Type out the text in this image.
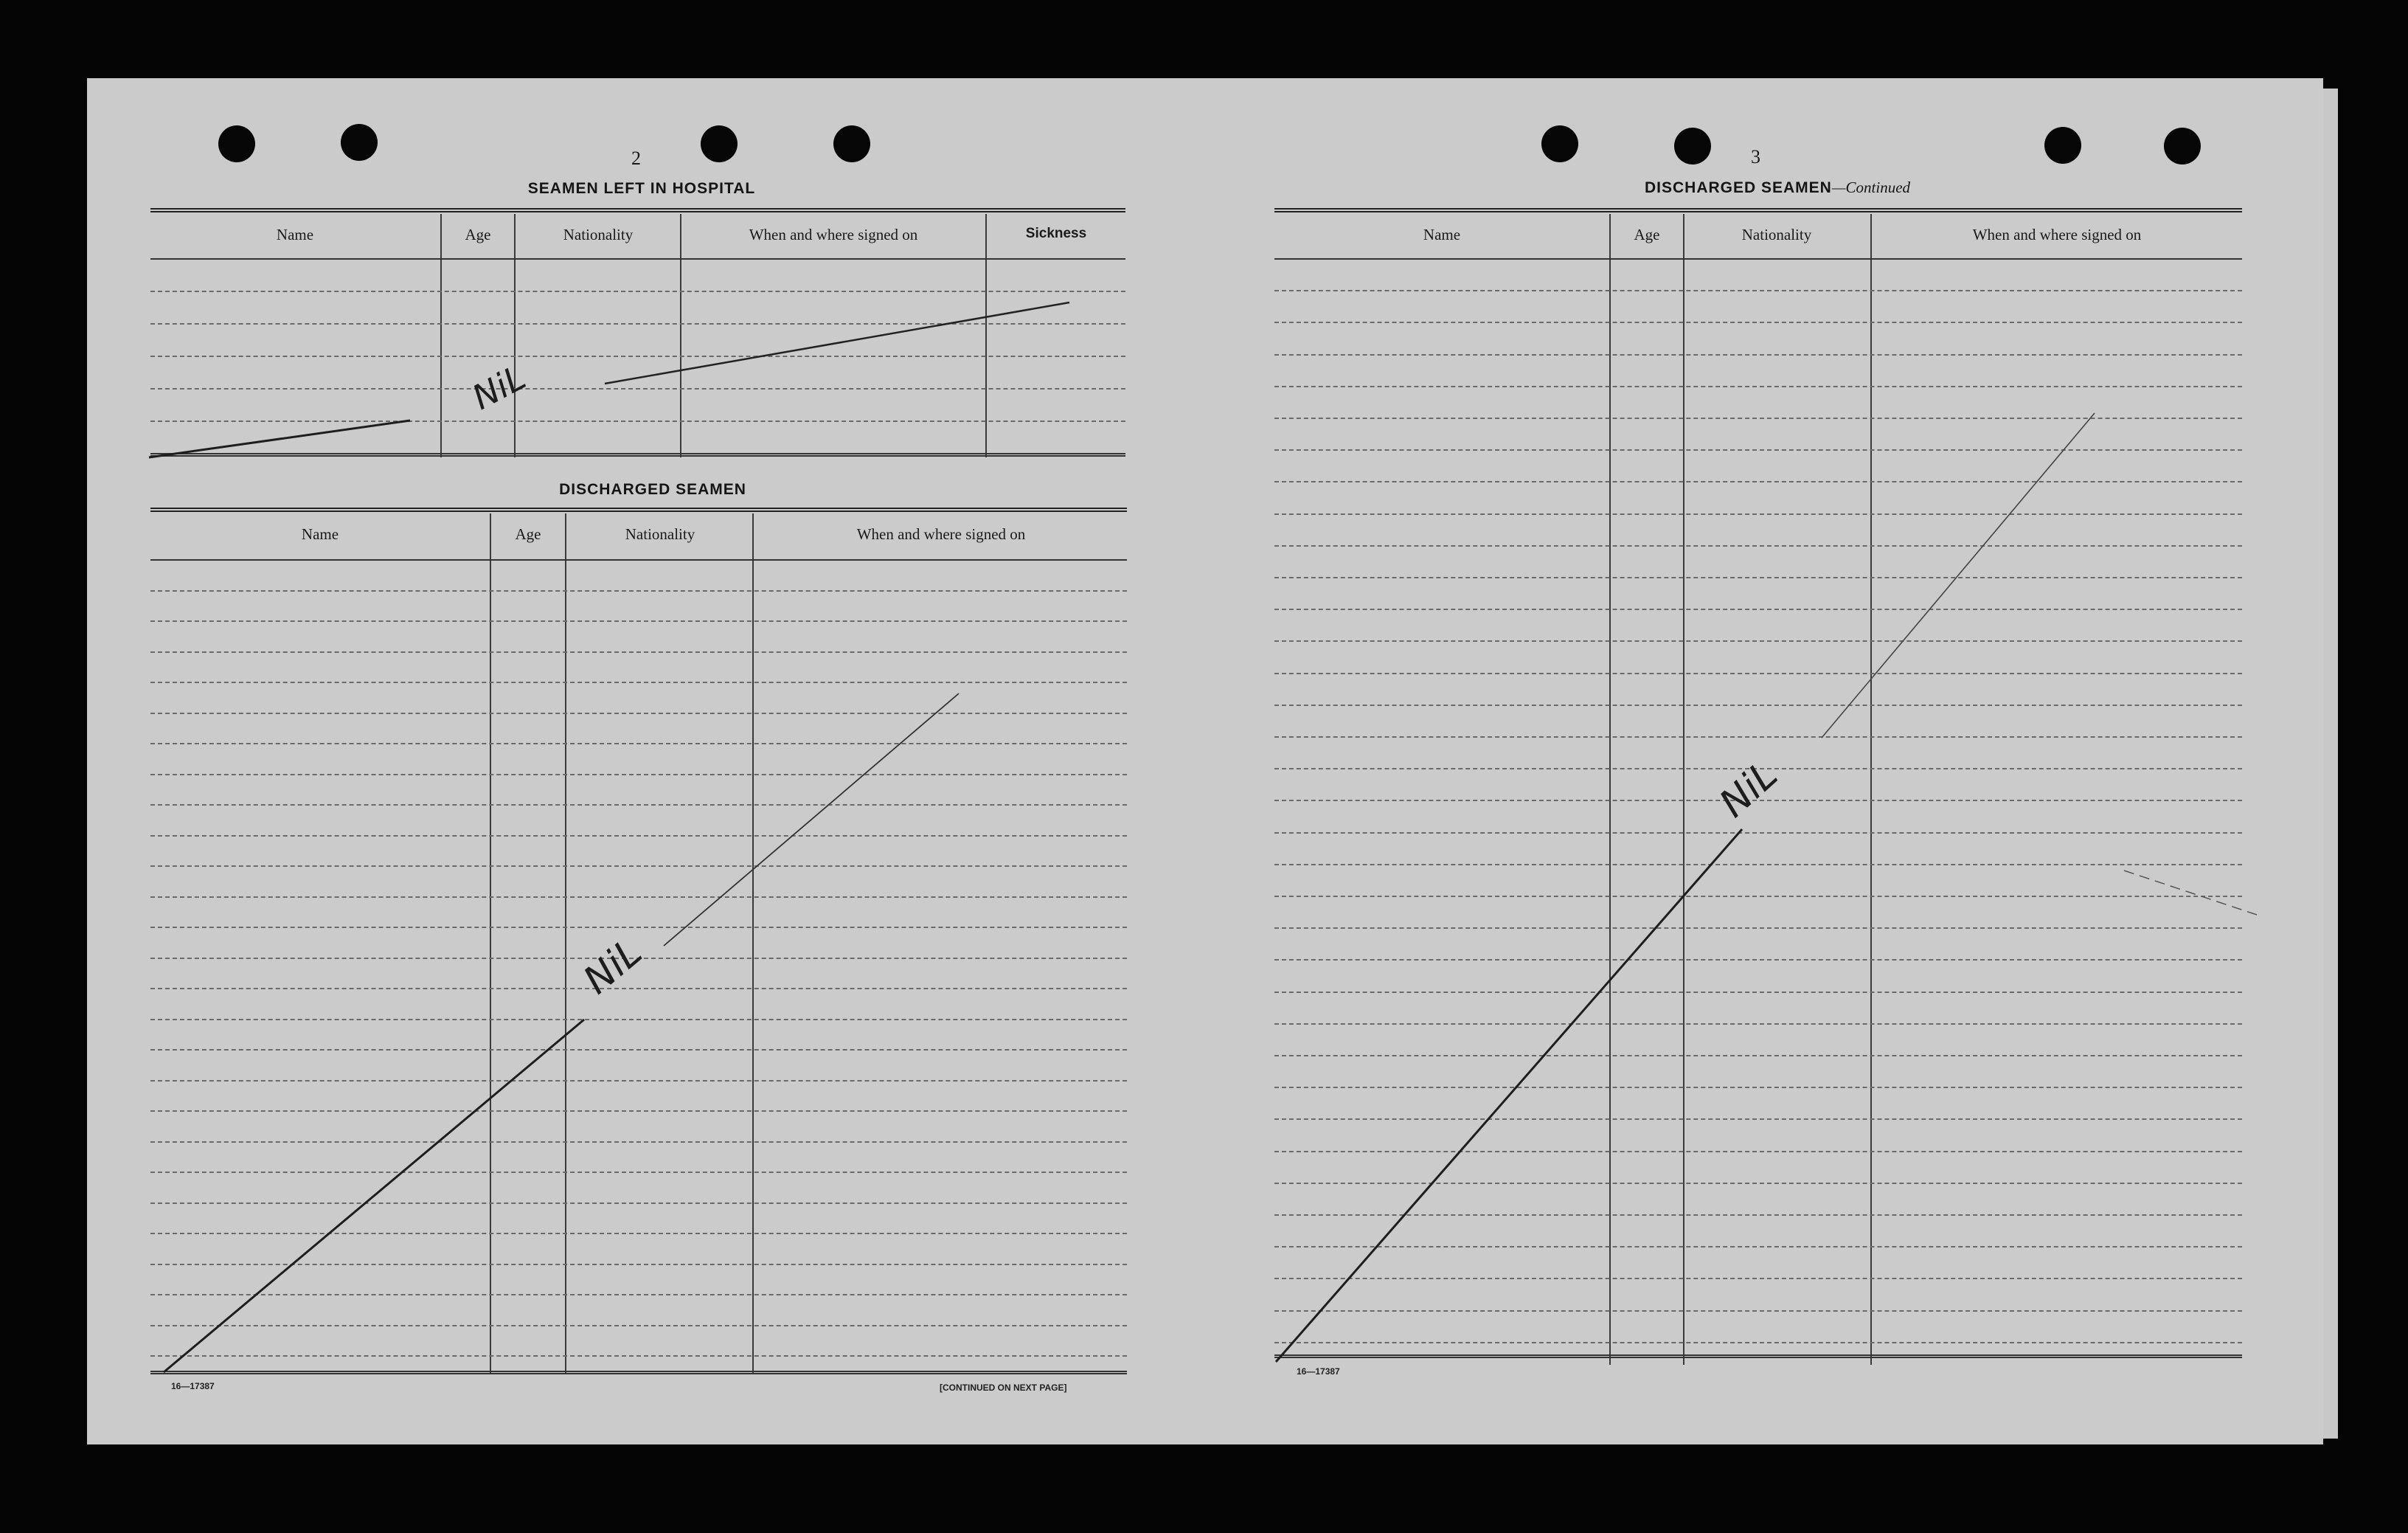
2
SEAMEN LEFT IN HOSPITAL
Name	Age	Nationality	When and where signed on	Sickness
NiL
DISCHARGED SEAMEN
Name	Age	Nationality	When and where signed on
NiL
16—17387	[CONTINUED ON NEXT PAGE]
3
DISCHARGED SEAMEN—Continued
Name	Age	Nationality	When and where signed on
NiL
16—17387
